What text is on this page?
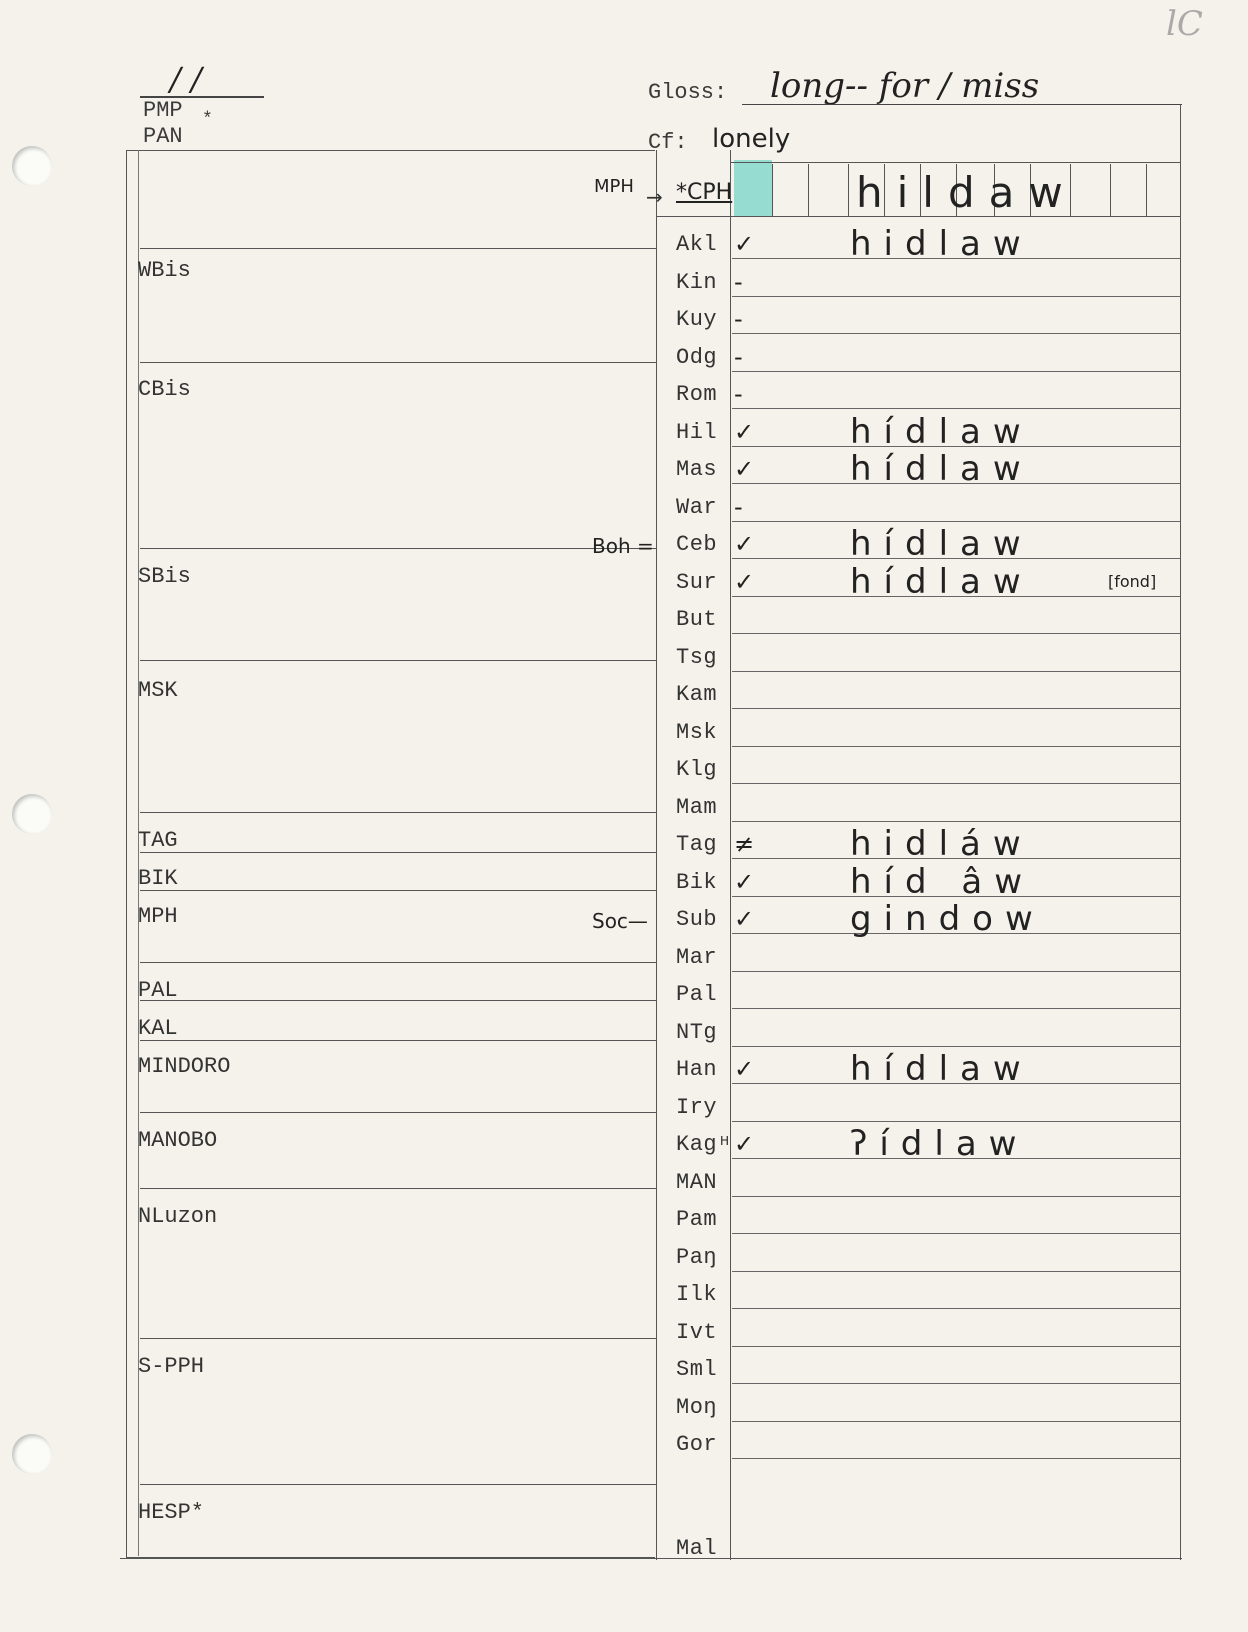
lC
/ /
PMP
PAN
*
Gloss: long-- for / miss
Cf: lonely
WBis
CBis
SBis
MSK
TAG
BIK
MPH
PAL
KAL
MINDORO
MANOBO
NLuzon
S-PPH
HESP*
MPH → *CPH	hildaw
Akl ✓	hidlaw
Kin -
Kuy -
Odg -
Rom -
Hil ✓	hídlaw
Mas ✓	hídlaw
War -
Ceb ✓	hídlaw
Boh =
Sur ✓	hídlaw	[fond]
But
Tsg
Kam
Msk
Klg
Mam
Tag ≠	hidláw
Bik ✓	híd âw
Sub ✓	gindow
Soc—
Mar
Pal
NTg
Han ✓	hídlaw
Iry
Kag ✓	ʔídlaw
H
MAN
Pam
Paŋ
Ilk
Ivt
Sml
Moŋ
Gor
Mal
